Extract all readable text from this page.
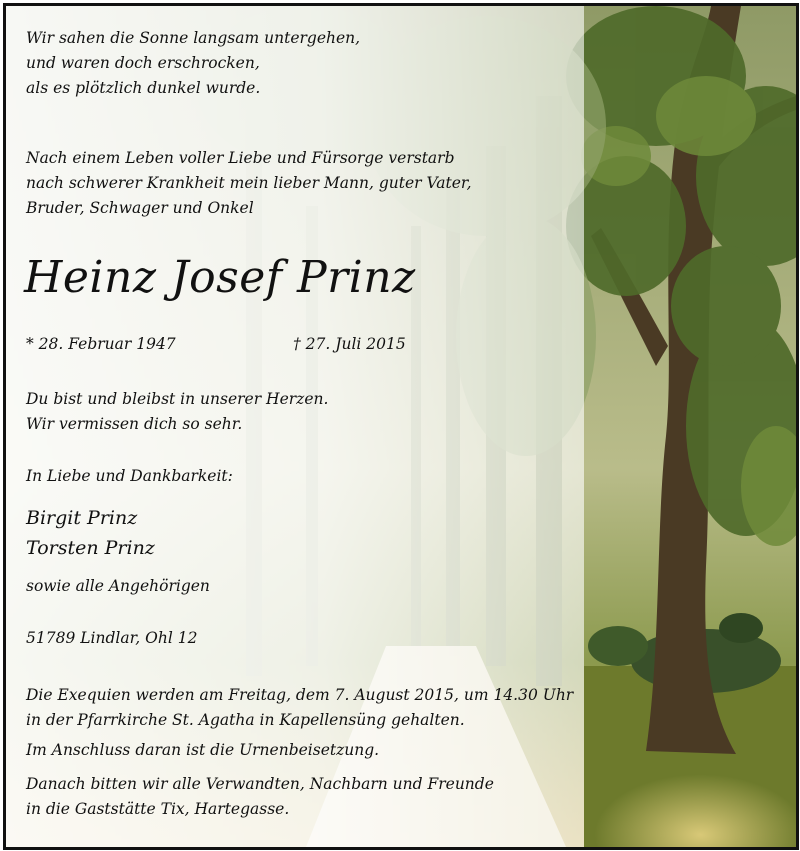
Wir sahen die Sonne langsam untergehen,
und waren doch erschrocken,
als es plötzlich dunkel wurde.

Nach einem Leben voller Liebe und Fürsorge verstarb
nach schwerer Krankheit mein lieber Mann, guter Vater,
Bruder, Schwager und Onkel

Heinz Josef Prinz

* 28. Februar 1947	† 27. Juli 2015

Du bist und bleibst in unserer Herzen.
Wir vermissen dich so sehr.

In Liebe und Dankbarkeit:

Birgit Prinz
Torsten Prinz

sowie alle Angehörigen

51789 Lindlar, Ohl 12

Die Exequien werden am Freitag, dem 7. August 2015, um 14.30 Uhr
in der Pfarrkirche St. Agatha in Kapellensüng gehalten.

Im Anschluss daran ist die Urnenbeisetzung.

Danach bitten wir alle Verwandten, Nachbarn und Freunde
in die Gaststätte Tix, Hartegasse.
